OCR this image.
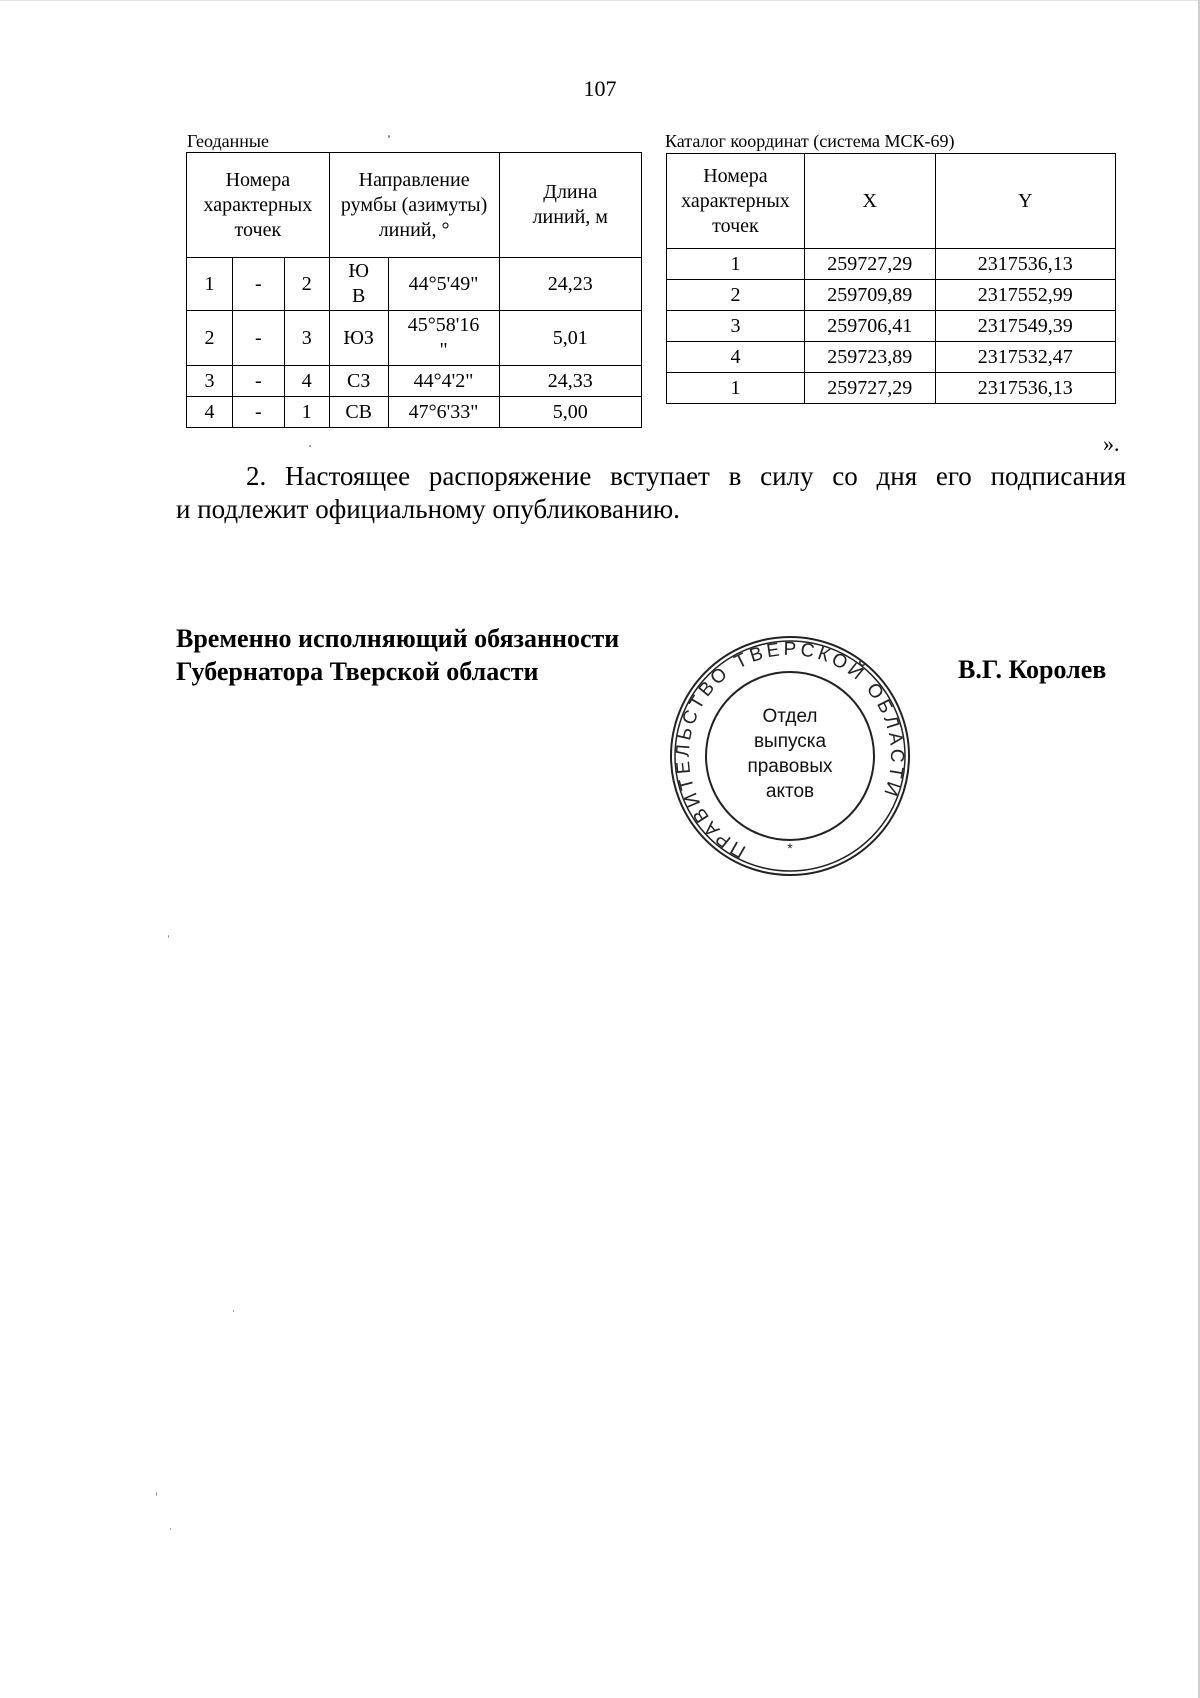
107
Геоданные	Каталог координат (система МСК-69)
Номера характерных точек			Направление румбы (азимуты) линий, °		Длина линий, м
1	-	2	Ю В	44°5'49"	24,23
2	-	3	ЮЗ	45°58'16 "	5,01
3	-	4	СЗ	44°4'2"	24,33
4	-	1	СВ	47°6'33"	5,00
Номера характерных точек	X	Y
1	259727,29	2317536,13
2	259709,89	2317552,99
3	259706,41	2317549,39
4	259723,89	2317532,47
1	259727,29	2317536,13
».
2. Настоящее распоряжение вступает в силу со дня его подписания
и подлежит официальному опубликованию.
Временно исполняющий обязанности
Губернатора Тверской области	В.Г. Королев
ПРАВИТЕЛЬСТВО ТВЕРСКОЙ ОБЛАСТИ
*
Отдел
выпуска
правовых
актов
